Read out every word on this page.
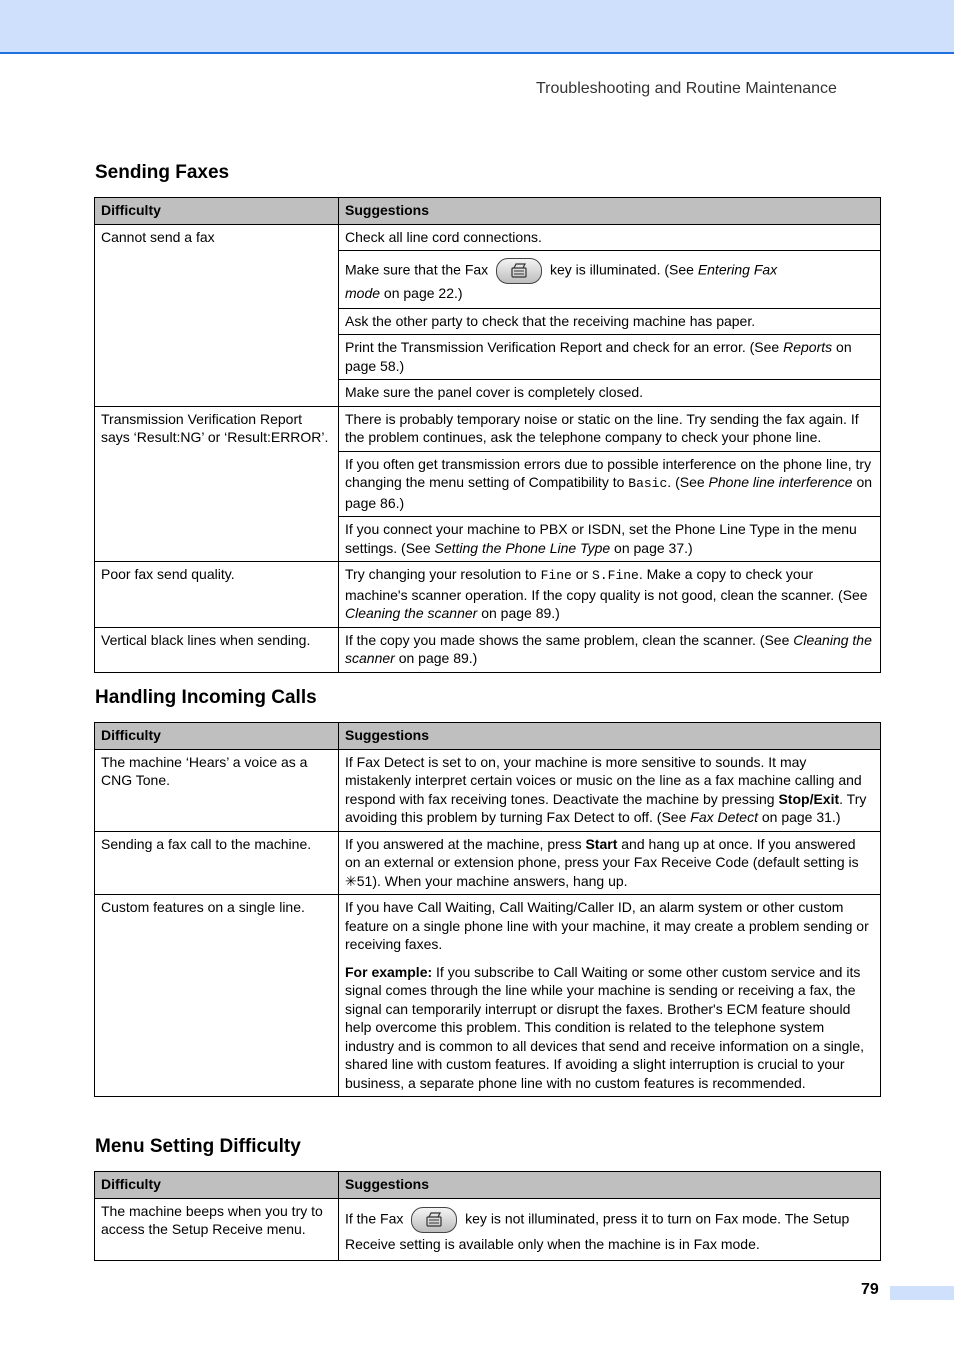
Troubleshooting and Routine Maintenance
Sending Faxes
Difficulty	Suggestions
Cannot send a fax	Check all line cord connections.
	Make sure that the Fax key is illuminated. (See Entering Fax
mode on page 22.)
	Ask the other party to check that the receiving machine has paper.
	Print the Transmission Verification Report and check for an error. (See Reports on page 58.)
	Make sure the panel cover is completely closed.
Transmission Verification Report says ‘Result:NG’ or ‘Result:ERROR’.	There is probably temporary noise or static on the line. Try sending the fax again. If the problem continues, ask the telephone company to check your phone line.
	If you often get transmission errors due to possible interference on the phone line, try changing the menu setting of Compatibility to Basic. (See Phone line interference on page 86.)
	If you connect your machine to PBX or ISDN, set the Phone Line Type in the menu settings. (See Setting the Phone Line Type on page 37.)
Poor fax send quality.	Try changing your resolution to Fine or S.Fine. Make a copy to check your machine's scanner operation. If the copy quality is not good, clean the scanner. (See Cleaning the scanner on page 89.)
Vertical black lines when sending.	If the copy you made shows the same problem, clean the scanner. (See Cleaning the scanner on page 89.)
Handling Incoming Calls
Difficulty	Suggestions
The machine ‘Hears’ a voice as a CNG Tone.	If Fax Detect is set to on, your machine is more sensitive to sounds. It may mistakenly interpret certain voices or music on the line as a fax machine calling and respond with fax receiving tones. Deactivate the machine by pressing Stop/Exit. Try avoiding this problem by turning Fax Detect to off. (See Fax Detect on page 31.)
Sending a fax call to the machine.	If you answered at the machine, press Start and hang up at once. If you answered on an external or extension phone, press your Fax Receive Code (default setting is ✳51). When your machine answers, hang up.
Custom features on a single line.	If you have Call Waiting, Call Waiting/Caller ID, an alarm system or other custom feature on a single phone line with your machine, it may create a problem sending or receiving faxes.
For example: If you subscribe to Call Waiting or some other custom service and its signal comes through the line while your machine is sending or receiving a fax, the signal can temporarily interrupt or disrupt the faxes. Brother's ECM feature should help overcome this problem. This condition is related to the telephone system industry and is common to all devices that send and receive information on a single, shared line with custom features. If avoiding a slight interruption is crucial to your business, a separate phone line with no custom features is recommended.
Menu Setting Difficulty
Difficulty	Suggestions
The machine beeps when you try to access the Setup Receive menu.	If the Fax key is not illuminated, press it to turn on Fax mode. The Setup Receive setting is available only when the machine is in Fax mode.
79
